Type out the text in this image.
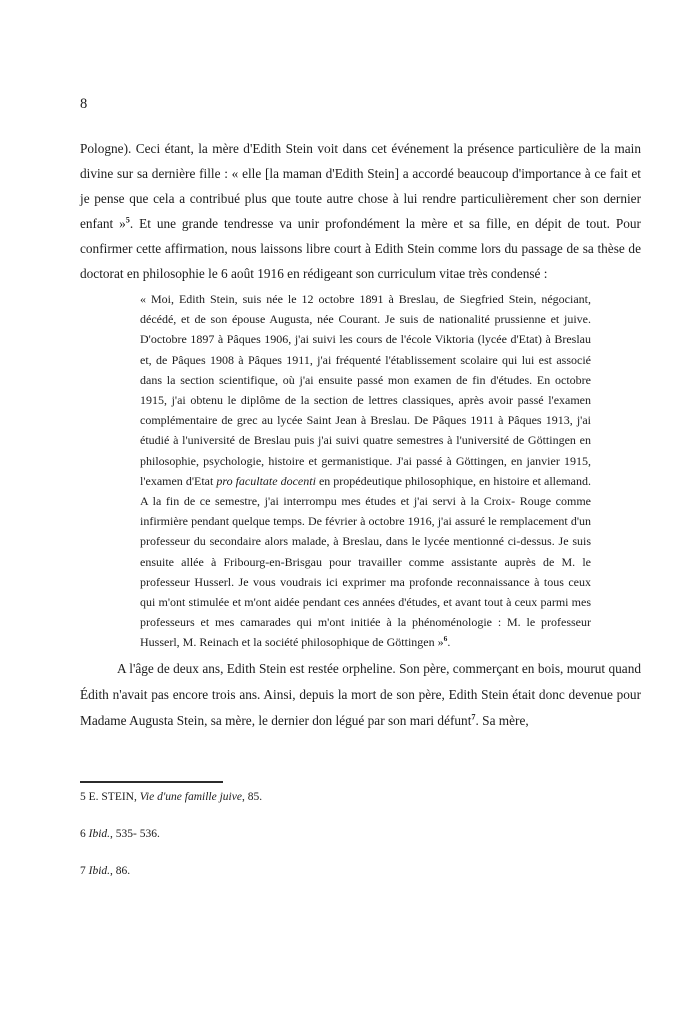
8

Pologne). Ceci étant, la mère d'Edith Stein voit dans cet événement la présence particulière de la main divine sur sa dernière fille : « elle [la maman d'Edith Stein] a accordé beaucoup d'importance à ce fait et je pense que cela a contribué plus que toute autre chose à lui rendre particulièrement cher son dernier enfant »$^5$. Et une grande tendresse va unir profondément la mère et sa fille, en dépit de tout. Pour confirmer cette affirmation, nous laissons libre court à Edith Stein comme lors du passage de sa thèse de doctorat en philosophie le 6 août 1916 en rédigeant son curriculum vitae très condensé :

« Moi, Edith Stein, suis née le 12 octobre 1891 à Breslau, de Siegfried Stein, négociant, décédé, et de son épouse Augusta, née Courant. Je suis de nationalité prussienne et juive. D'octobre 1897 à Pâques 1906, j'ai suivi les cours de l'école Viktoria (lycée d'Etat) à Breslau et, de Pâques 1908 à Pâques 1911, j'ai fréquenté l'établissement scolaire qui lui est associé dans la section scientifique, où j'ai ensuite passé mon examen de fin d'études. En octobre 1915, j'ai obtenu le diplôme de la section de lettres classiques, après avoir passé l'examen complémentaire de grec au lycée Saint Jean à Breslau. De Pâques 1911 à Pâques 1913, j'ai étudié à l'université de Breslau puis j'ai suivi quatre semestres à l'université de Göttingen en philosophie, psychologie, histoire et germanistique. J'ai passé à Göttingen, en janvier 1915, l'examen d'Etat pro facultate docenti en propédeutique philosophique, en histoire et allemand. A la fin de ce semestre, j'ai interrompu mes études et j'ai servi à la Croix- Rouge comme infirmière pendant quelque temps. De février à octobre 1916, j'ai assuré le remplacement d'un professeur du secondaire alors malade, à Breslau, dans le lycée mentionné ci-dessus. Je suis ensuite allée à Fribourg-en-Brisgau pour travailler comme assistante auprès de M. le professeur Husserl. Je vous voudrais ici exprimer ma profonde reconnaissance à tous ceux qui m'ont stimulée et m'ont aidée pendant ces années d'études, et avant tout à ceux parmi mes professeurs et mes camarades qui m'ont initiée à la phénoménologie : M. le professeur Husserl, M. Reinach et la société philosophique de Göttingen »$^6$.

A l'âge de deux ans, Edith Stein est restée orpheline. Son père, commerçant en bois, mourut quand Édith n'avait pas encore trois ans. Ainsi, depuis la mort de son père, Edith Stein était donc devenue pour Madame Augusta Stein, sa mère, le dernier don légué par son mari défunt$^7$. Sa mère,

5 E. STEIN, Vie d'une famille juive, 85.

6 Ibid., 535- 536.

7 Ibid., 86.
